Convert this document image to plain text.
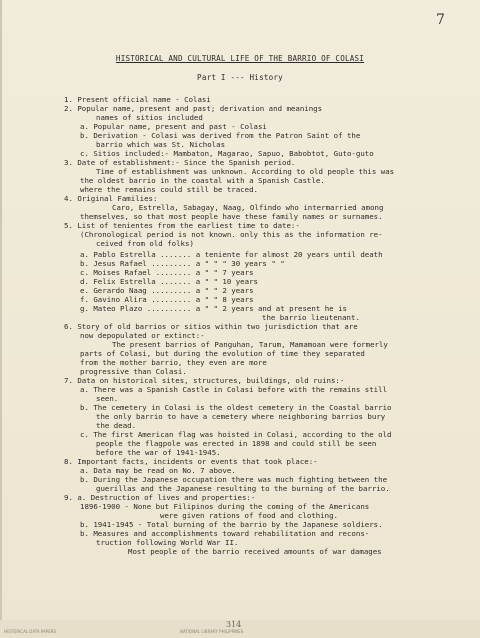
7
HISTORICAL AND CULTURAL LIFE OF THE BARRIO OF COLASI
Part I --- History
1. Present official name - Colasi
2. Popular name, present and past; derivation and meanings
names of sitios included
a. Popular name, present and past - Colasi
b. Derivation - Colasi was derived from the Patron Saint of the
barrio which was St. Nicholas
c. Sitios included:- Mambaton, Magarao, Sapuo, Babobtot, Guto-guto
3. Date of establishment:- Since the Spanish period.
Time of establishment was unknown. According to old people this was
the oldest barrio in the coastal with a Spanish Castle.
where the remains could still be traced.
4. Original Families:
Caro, Estrella, Sabagay, Naag, Olfindo who intermarried among
themselves, so that most people have these family names or surnames.
5. List of tenientes from the earliest time to date:-
(Chronological period is not known. only this as the information re-
ceived from old folks)
a. Pablo Estrella ....... a teniente for almost 20 years until death
b. Jesus Rafael ......... a " " " 30 years " "
c. Moises Rafael ........ a " " 7 years
d. Felix Estrella ....... a " " 10 years
e. Gerardo Naag ......... a " " 2 years
f. Gavino Alira ......... a " " 8 years
g. Mateo Plazo .......... a " " 2 years and at present he is
the barrio lieutenant.
6. Story of old barrios or sitios within two jurisdiction that are
now depopulated or extinct:-
The present barrios of Panguhan, Tarum, Mamamoan were formerly
parts of Colasi, but during the evolution of time they separated
from the mother barrio, they even are more
progressive than Colasi.
7. Data on historical sites, structures, buildings, old ruins:-
a. There was a Spanish Castle in Colasi before with the remains still
seen.
b. The cemetery in Colasi is the oldest cemetery in the Coastal barrio
the only barrio to have a cemetery where neighboring barrios bury
the dead.
c. The first American flag was hoisted in Colasi, according to the old
people the flagpole was erected in 1898 and could still be seen
before the war of 1941-1945.
8. Important facts, incidents or events that took place:-
a. Data may be read on No. 7 above.
b. During the Japanese occupation there was much fighting between the
guerillas and the Japanese resulting to the burning of the barrio.
9. a. Destruction of lives and properties:-
1896-1900 - None but Filipinos during the coming of the Americans
were given rations of food and clothing.
b. 1941-1945 - Total burning of the barrio by the Japanese soldiers.
b. Measures and accomplishments toward rehabilitation and recons-
truction following World War II.
Most people of the barrio received amounts of war damages
HISTORICAL DATA PAPERS	NATIONAL LIBRARY PHILIPPINES
314
